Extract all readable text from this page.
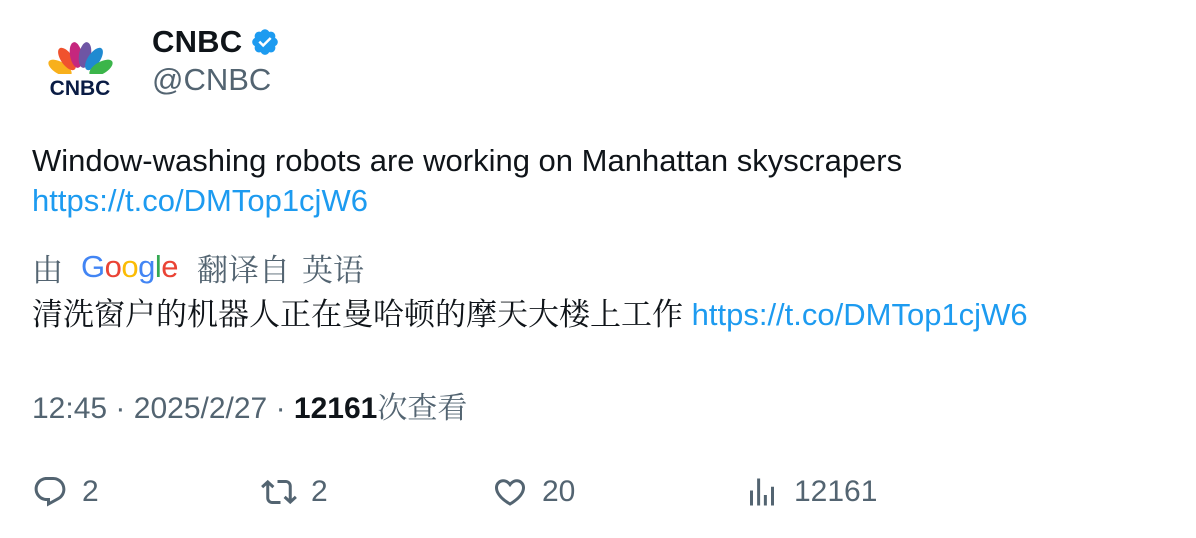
CNBC
CNBC
@CNBC
Window-washing robots are working on Manhattan skyscrapers
https://t.co/DMTop1cjW6
由 Google 翻译自 英语
清洗窗户的机器人正在曼哈顿的摩天大楼上工作 https://t.co/DMTop1cjW6
12:45 · 2025/2/27 · 12161次查看
2	2	20	12161
